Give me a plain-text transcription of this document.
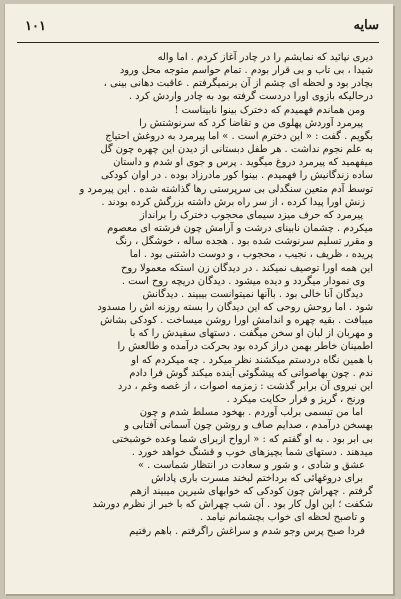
۱۰۱	سایه
دیری نپائید که نمایشم را در چادر آغاز کردم . اما واله
شیدا ، بی تاب و بی قرار بودم . تمام حواسم متوجه محل ورود
بچادر بود و لحظه ای چشم از آن برنمیگرفتم . عاقبت دهانی بینی ،
درحالیکه بازوی اورا دردست گرفته بود به چادر واردش کرد .
ومن هماندم فهمیدم که دخترک بینوا نابیناست !
پیرمرد آوردش پهلوی من و تقاضا کرد که سرنوشتش را
بگویم . گفت : « این دخترم است . » اما پیرمرد به دروغش احتیاج
به علم نجوم نداشت . هر طفل دبستانی از دیدن این چهره چون گل
میفهمید که پیرمرد دروغ میگوید . پرس و جوی او شدم و داستان
ساده زندگانیش را فهمیدم . بینوا کور مادرزاد بوده . در اوان کودکی
توسط آدم متعین سنگدلی بی سرپرستی رها گذاشته شده . این پیرمرد و
زنش اورا پیدا کرده ، از سر راه برش داشته بزرگش کرده بودند .
پیرمرد که حرف میزد سیمای محجوب دخترک را برانداز
میکردم . چشمان نابینای درشت و آرامش چون فرشته ای معصوم
و مقرر تسلیم سرنوشت شده بود . هجده ساله ، خوشگل ، رنگ
پریده ، ظریف ، نجیب ، محجوب ، و دوست داشتنی بود . اما
این همه اورا توصیف نمیکند . در دیدگان زن استکه معمولا روح
وی نمودار میگردد و دیده میشود . دیدگان دریچه روح است .
دیدگان آنا خالی بود . باآنها نمیتوانست بیبیند . دیدگانش
شود . اما روحش روحی که این دیدگان را بسته روزنه اش را مسدود
میبافت . بقیه چهره و اندامش اورا روشن میساخت . کودکی بشاش
و مهربان از لبان او سخن میگفت . دستهای سفیدش را که با
اطمینان خاطر بهمن دراز کرده بود بحرکت درآمده و طالعش را
با همین نگاه دردستم میکشند نظر میکرد . چه میکردم که او
ندم . چون بهاصواتی که پیشگوئی آینده میکند گوش فرا دادم
این نیروی آن برابر گذشت : زمزمه اصوات ، از غصه وغم ، درد
ورنج ، گریز و فرار حکایت میکرد .
اما من تبسمی برلب آوردم . بهخود مسلط شدم و چون
بهسخن درآمدم ، صدایم صاف و روشن چون آسمانی آفتابی و
بی ابر بود . به او گفتم که : « ارواح ازبرای شما وعده خوشبختی
میدهند . دستهای شما بچیزهای خوب و قشنگ خواهد خورد .
عشق و شادی ، و شور و سعادت در انتظار شماست . »
برای دروغهائی که برداختم لبخند مسرت باری پاداش
گرفتم . چهراش چون کودکی که خوابهای شیرین میبیند ازهم
شکفت ؛ این اول کار بود . آن شب چهراش که با خبر از نظرم دورشد
و تاصبح لحظه ای خواب بچشمانم نیامد .
فردا صبح پرس وجو شدم و سراغش راگرفتم . باهم رفتیم
